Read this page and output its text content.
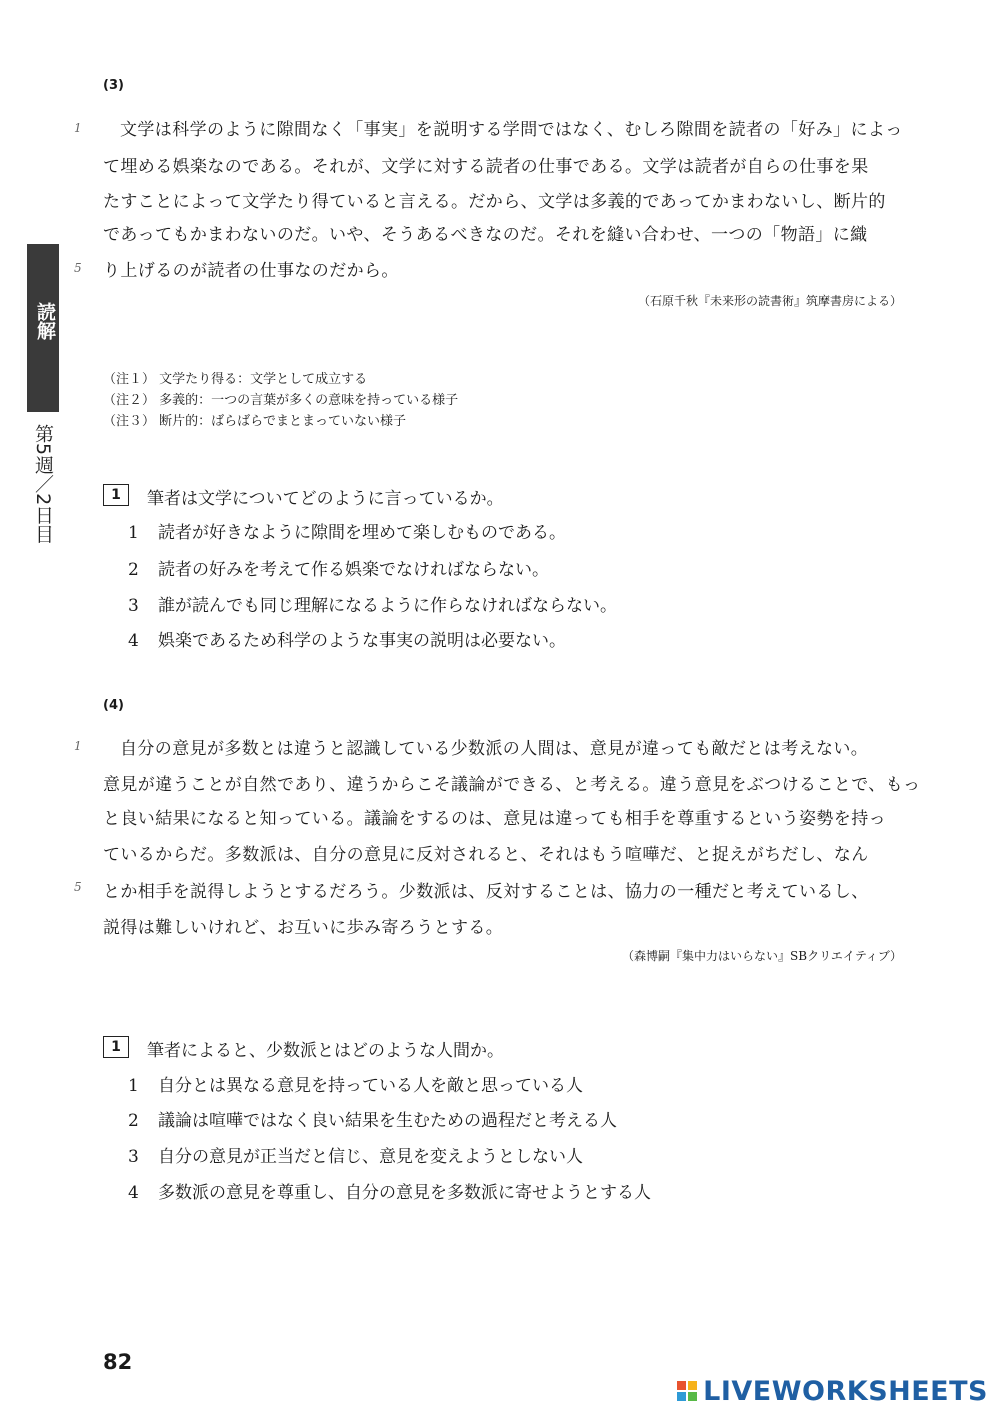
読解
第5週／2日目
(3)
1
5
文学は科学のように隙間なく「事実」を説明する学問ではなく、むしろ隙間を読者の「好み」によっ
て埋める娯楽なのである。それが、文学に対する読者の仕事である。文学は読者が自らの仕事を果
たすことによって文学たり得ていると言える。だから、文学は多義的であってかまわないし、断片的
であってもかまわないのだ。いや、そうあるべきなのだ。それを縫い合わせ、一つの「物語」に織
り上げるのが読者の仕事なのだから。
（石原千秋『未来形の読書術』筑摩書房による）
（注１） 文学たり得る：文学として成立する
（注２） 多義的：一つの言葉が多くの意味を持っている様子
（注３） 断片的：ばらばらでまとまっていない様子
1	筆者は文学についてどのように言っているか。
1 読者が好きなように隙間を埋めて楽しむものである。
2 読者の好みを考えて作る娯楽でなければならない。
3 誰が読んでも同じ理解になるように作らなければならない。
4 娯楽であるため科学のような事実の説明は必要ない。
(4)
1
5
自分の意見が多数とは違うと認識している少数派の人間は、意見が違っても敵だとは考えない。
意見が違うことが自然であり、違うからこそ議論ができる、と考える。違う意見をぶつけることで、もっ
と良い結果になると知っている。議論をするのは、意見は違っても相手を尊重するという姿勢を持っ
ているからだ。多数派は、自分の意見に反対されると、それはもう喧嘩だ、と捉えがちだし、なん
とか相手を説得しようとするだろう。少数派は、反対することは、協力の一種だと考えているし、
説得は難しいけれど、お互いに歩み寄ろうとする。
（森博嗣『集中力はいらない』SBクリエイティブ）
1	筆者によると、少数派とはどのような人間か。
1 自分とは異なる意見を持っている人を敵と思っている人
2 議論は喧嘩ではなく良い結果を生むための過程だと考える人
3 自分の意見が正当だと信じ、意見を変えようとしない人
4 多数派の意見を尊重し、自分の意見を多数派に寄せようとする人
82
LIVEWORKSHEETS
